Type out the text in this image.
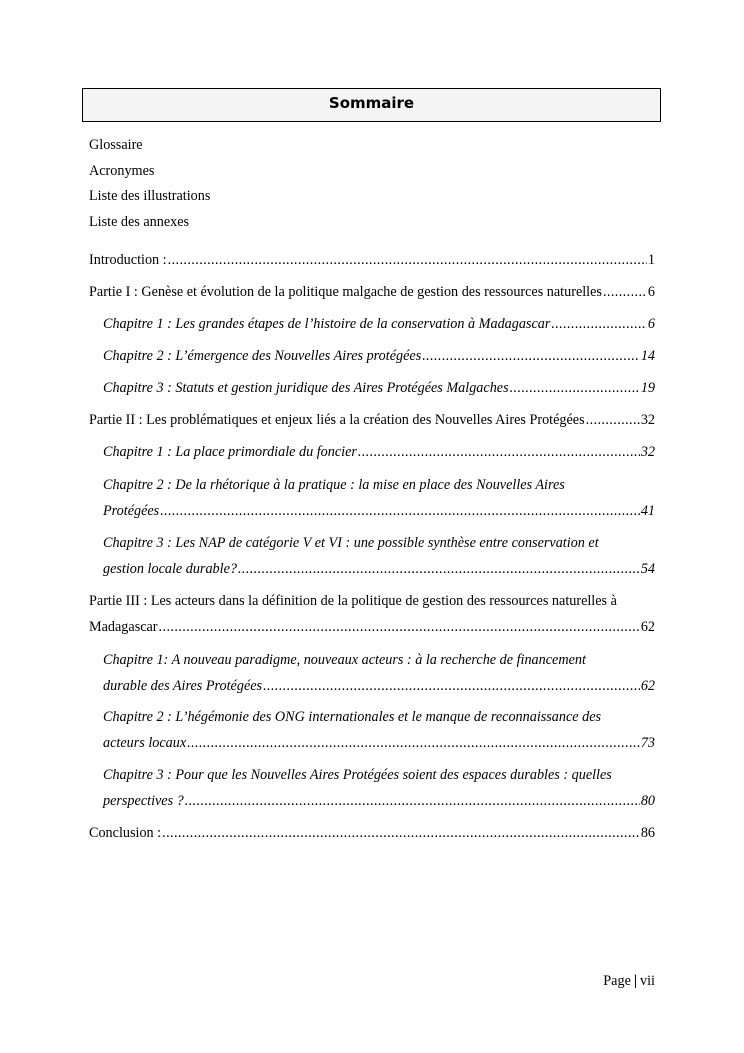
Sommaire
Glossaire
Acronymes
Liste des illustrations
Liste des annexes
Introduction : .....	1
Partie I : Genèse et évolution de la politique malgache de gestion des ressources naturelles .....	6
Chapitre 1 : Les grandes étapes de l’histoire de la conservation à Madagascar .....	6
Chapitre 2 : L’émergence des Nouvelles Aires protégées .....	14
Chapitre 3 : Statuts et gestion juridique des Aires Protégées Malgaches .....	19
Partie II : Les problématiques et enjeux liés a la création des Nouvelles Aires Protégées .....	32
Chapitre 1 : La place primordiale du foncier .....	32
Chapitre 2 : De la rhétorique à la pratique : la mise en place des Nouvelles Aires
Protégées .....	41
Chapitre 3 : Les NAP de catégorie V et VI : une possible synthèse entre conservation et
gestion locale durable? .....	54
Partie III : Les acteurs dans la définition de la politique de gestion des ressources naturelles à
Madagascar .....	62
Chapitre 1: A nouveau paradigme, nouveaux acteurs : à la recherche de financement
durable des Aires Protégées .....	62
Chapitre 2 : L’hégémonie des ONG internationales et le manque de reconnaissance des
acteurs locaux .....	73
Chapitre 3 : Pour que les Nouvelles Aires Protégées soient des espaces durables : quelles
perspectives ? .....	80
Conclusion : .....	86
Page | vii
